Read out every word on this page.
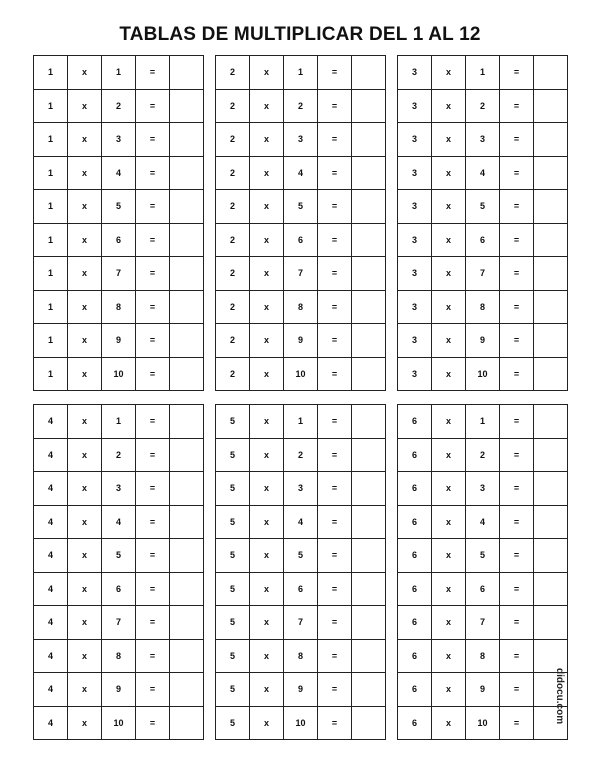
TABLAS DE MULTIPLICAR DEL 1 AL 12
1	x	1	=	
1	x	2	=	
1	x	3	=	
1	x	4	=	
1	x	5	=	
1	x	6	=	
1	x	7	=	
1	x	8	=	
1	x	9	=	
1	x	10	=	
2	x	1	=	
2	x	2	=	
2	x	3	=	
2	x	4	=	
2	x	5	=	
2	x	6	=	
2	x	7	=	
2	x	8	=	
2	x	9	=	
2	x	10	=	
3	x	1	=	
3	x	2	=	
3	x	3	=	
3	x	4	=	
3	x	5	=	
3	x	6	=	
3	x	7	=	
3	x	8	=	
3	x	9	=	
3	x	10	=	
4	x	1	=	
4	x	2	=	
4	x	3	=	
4	x	4	=	
4	x	5	=	
4	x	6	=	
4	x	7	=	
4	x	8	=	
4	x	9	=	
4	x	10	=	
5	x	1	=	
5	x	2	=	
5	x	3	=	
5	x	4	=	
5	x	5	=	
5	x	6	=	
5	x	7	=	
5	x	8	=	
5	x	9	=	
5	x	10	=	
6	x	1	=	
6	x	2	=	
6	x	3	=	
6	x	4	=	
6	x	5	=	
6	x	6	=	
6	x	7	=	
6	x	8	=	
6	x	9	=	
6	x	10	=		didocu.com
